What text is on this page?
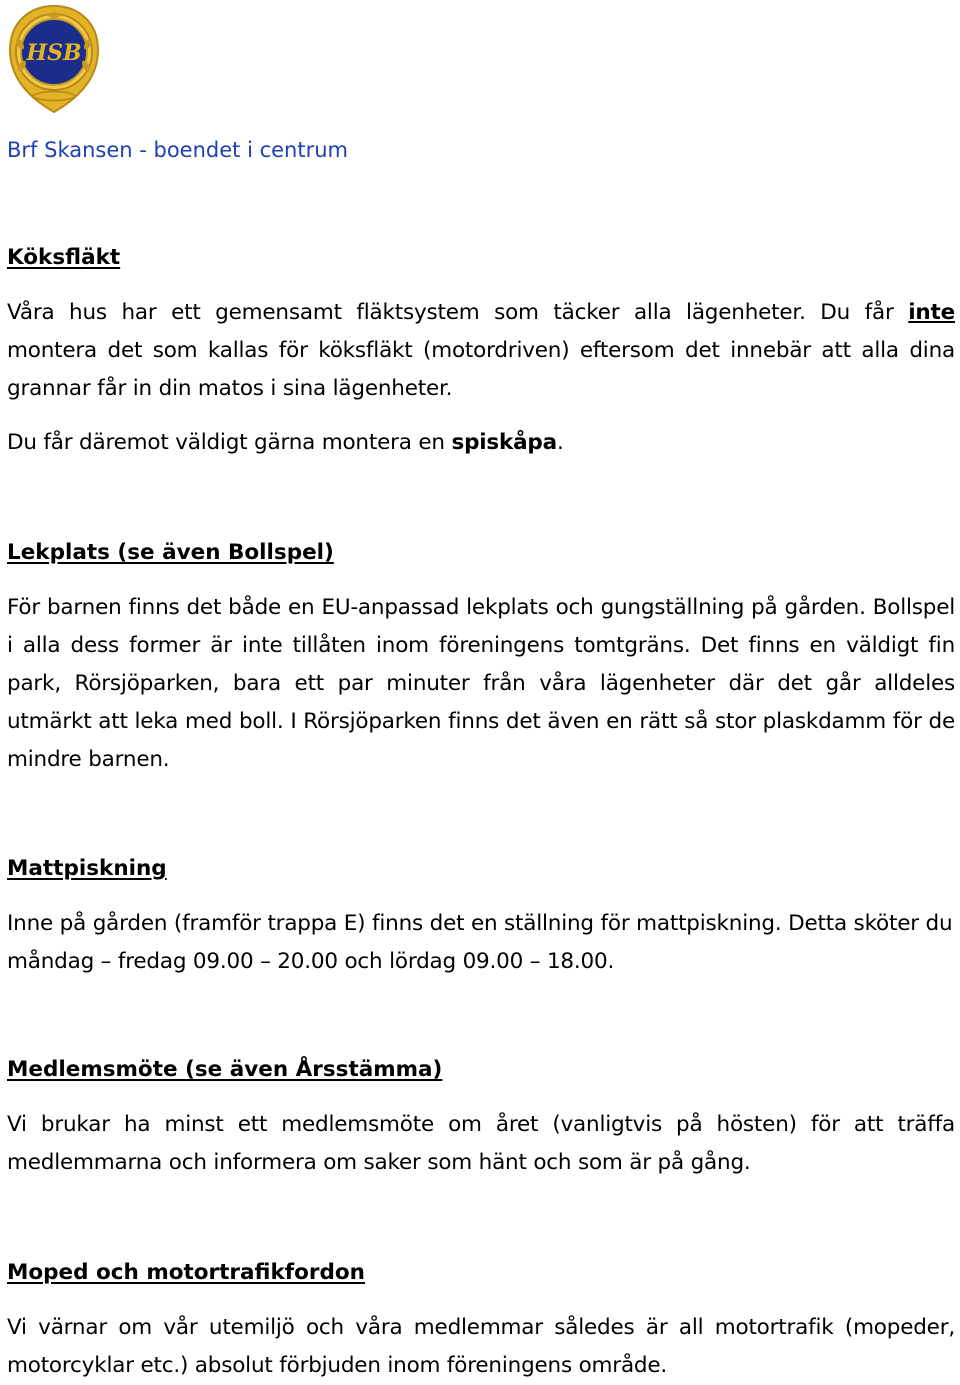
HSB
Brf Skansen - boendet i centrum
Köksfläkt

Våra hus har ett gemensamt fläktsystem som täcker alla lägenheter. Du får inte montera det som kallas för köksfläkt (motordriven) eftersom det innebär att alla dina grannar får in din matos i sina lägenheter.

Du får däremot väldigt gärna montera en spiskåpa.

Lekplats (se även Bollspel)

För barnen finns det både en EU-anpassad lekplats och gungställning på gården. Bollspel i alla dess former är inte tillåten inom föreningens tomtgräns. Det finns en väldigt fin park, Rörsjöparken, bara ett par minuter från våra lägenheter där det går alldeles utmärkt att leka med boll. I Rörsjöparken finns det även en rätt så stor plaskdamm för de mindre barnen.

Mattpiskning

Inne på gården (framför trappa E) finns det en ställning för mattpiskning. Detta sköter du måndag – fredag 09.00 – 20.00 och lördag 09.00 – 18.00.

Medlemsmöte (se även Årsstämma)

Vi brukar ha minst ett medlemsmöte om året (vanligtvis på hösten) för att träffa medlemmarna och informera om saker som hänt och som är på gång.

Moped och motortrafikfordon

Vi värnar om vår utemiljö och våra medlemmar således är all motortrafik (mopeder, motorcyklar etc.) absolut förbjuden inom föreningens område.
